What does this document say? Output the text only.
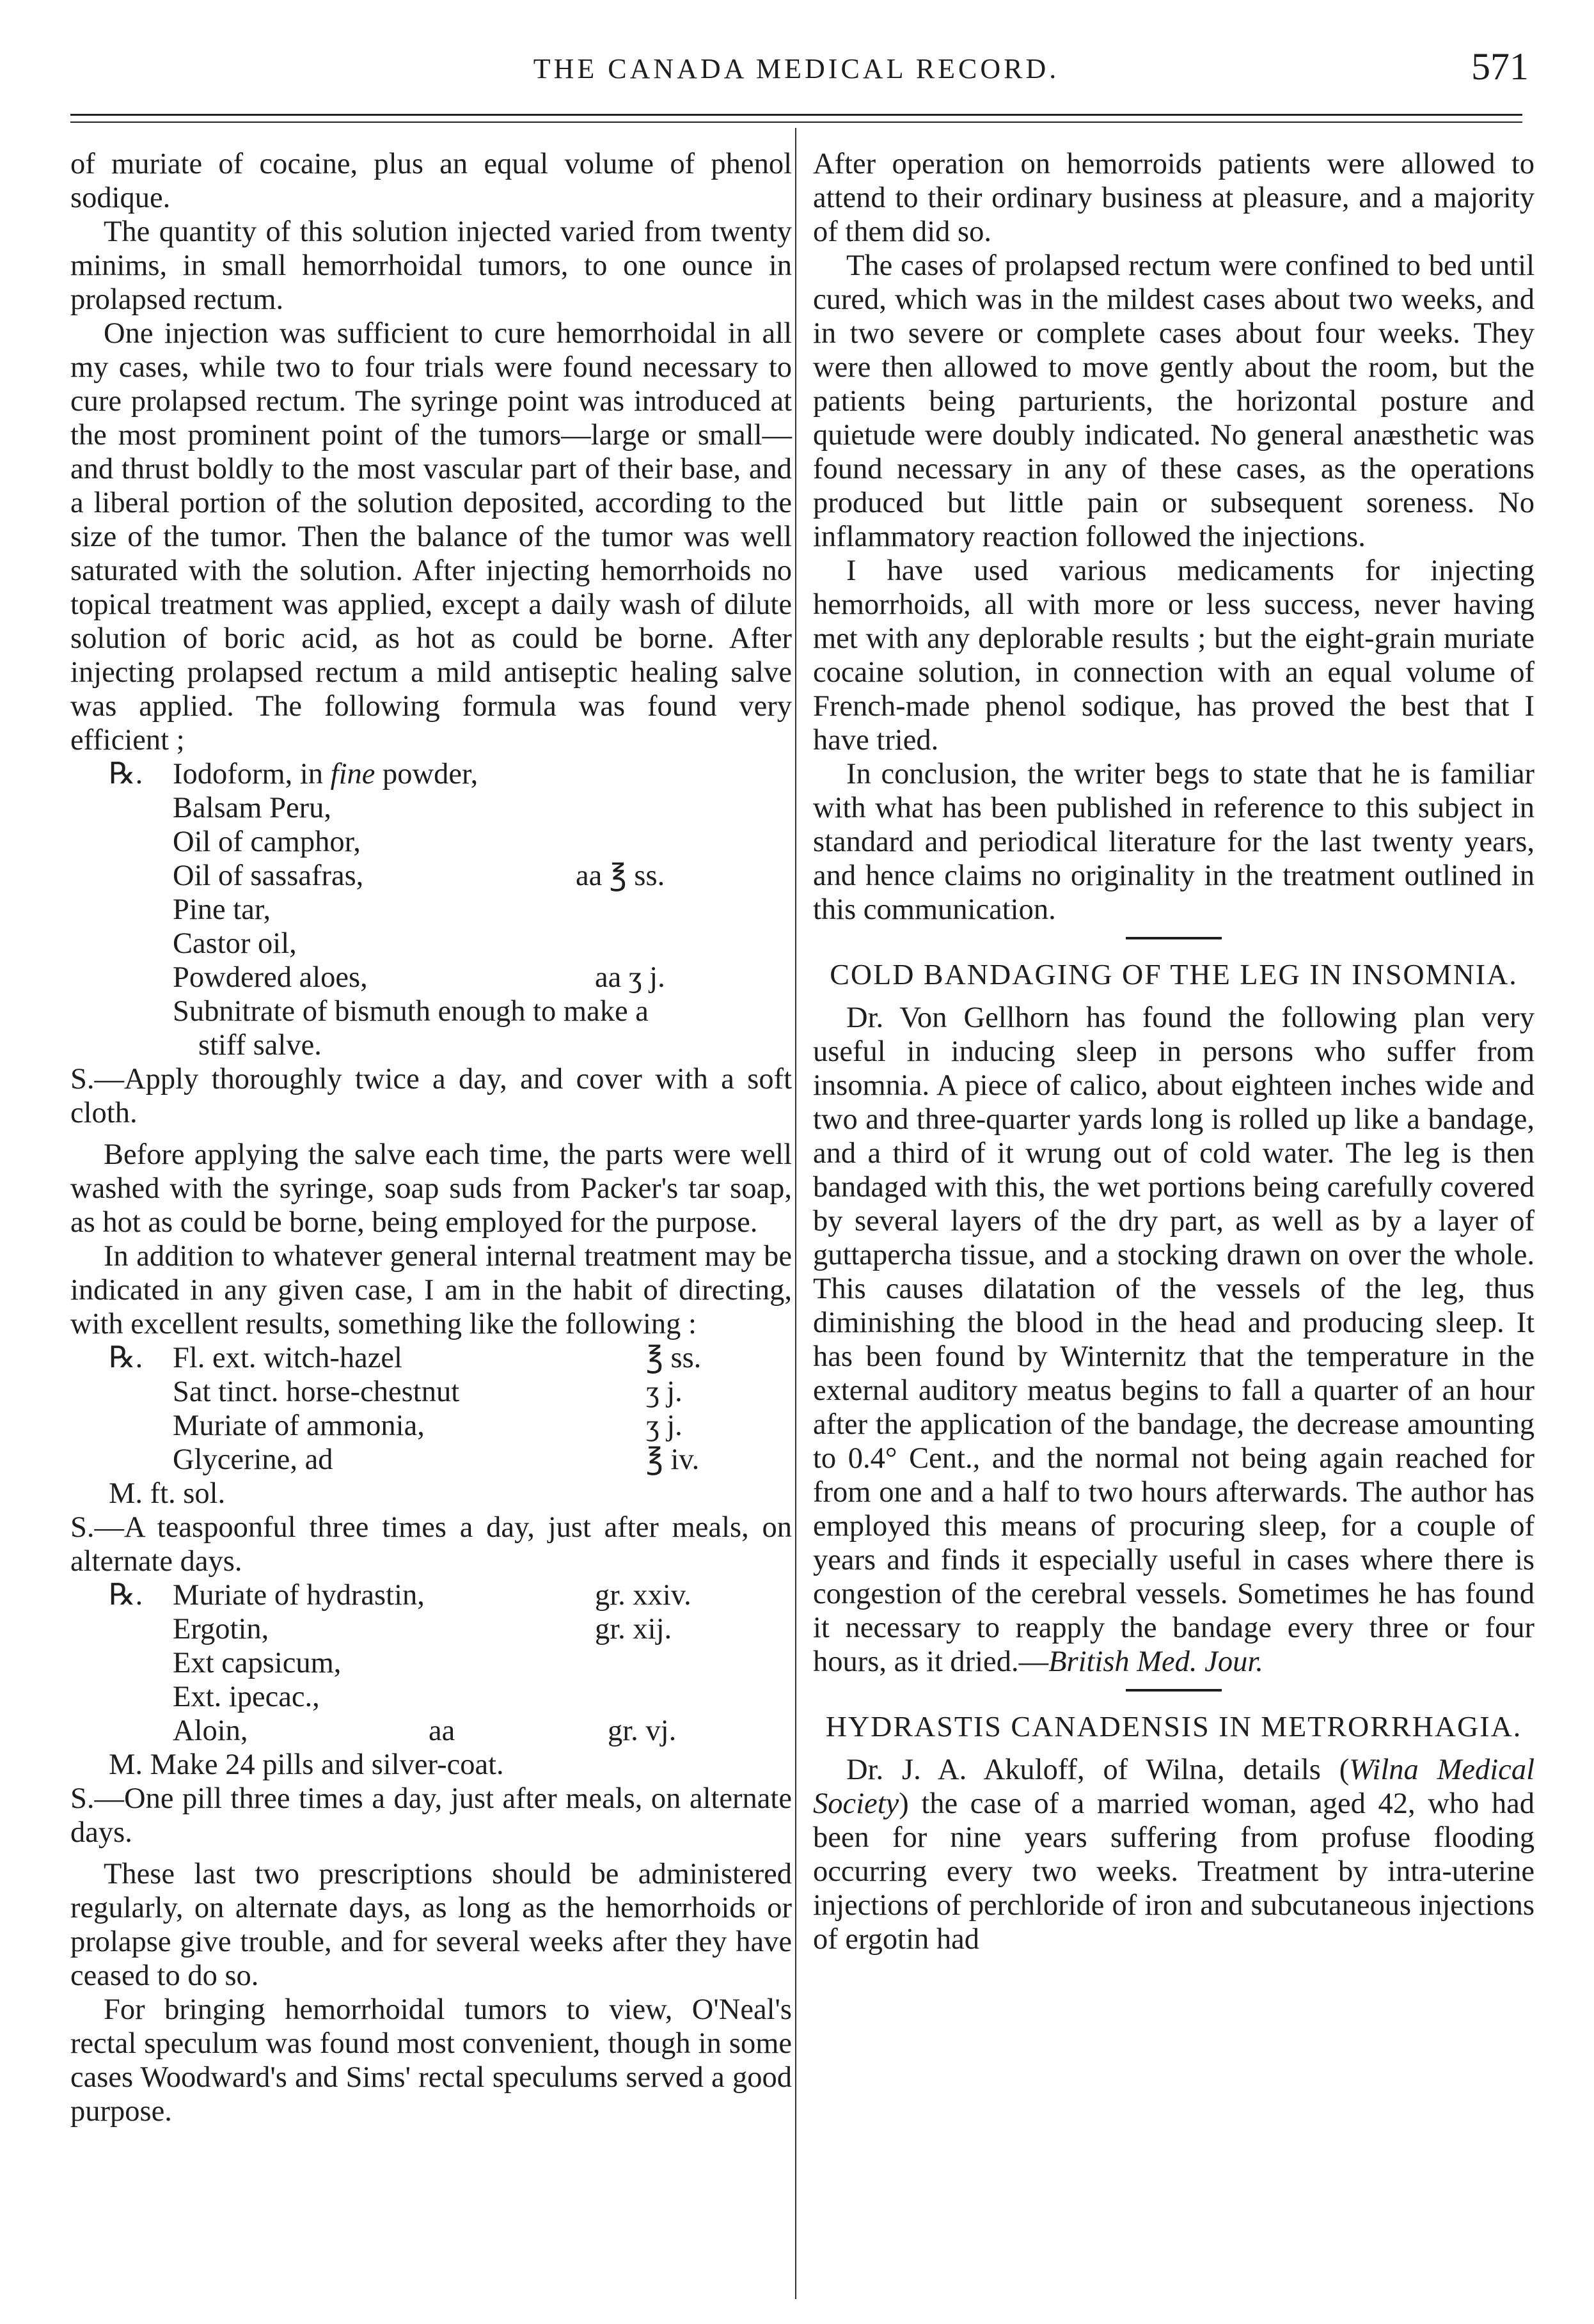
THE CANADA MEDICAL RECORD.	571

of muriate of cocaine, plus an equal volume of phenol sodique.

The quantity of this solution injected varied from twenty minims, in small hemorrhoidal tumors, to one ounce in prolapsed rectum.

One injection was sufficient to cure hemorrhoidal in all my cases, while two to four trials were found necessary to cure prolapsed rectum. The syringe point was introduced at the most prominent point of the tumors—large or small—and thrust boldly to the most vascular part of their base, and a liberal portion of the solution deposited, according to the size of the tumor. Then the balance of the tumor was well saturated with the solution. After injecting hemorrhoids no topical treatment was applied, except a daily wash of dilute solution of boric acid, as hot as could be borne. After injecting prolapsed rectum a mild antiseptic healing salve was applied. The following formula was found very efficient ;

℞. Iodoform, in fine powder,
Balsam Peru,
Oil of camphor,
Oil of sassafras,	aa ℥ ss.
Pine tar,
Castor oil,
Powdered aloes,	aa ʒ j.
Subnitrate of bismuth enough to make a
stiff salve.

S.—Apply thoroughly twice a day, and cover with a soft cloth.

Before applying the salve each time, the parts were well washed with the syringe, soap suds from Packer's tar soap, as hot as could be borne, being employed for the purpose.

In addition to whatever general internal treatment may be indicated in any given case, I am in the habit of directing, with excellent results, something like the following :

℞. Fl. ext. witch-hazel	℥ ss.
Sat tinct. horse-chestnut	ʒ j.
Muriate of ammonia,	ʒ j.
Glycerine, ad	℥ iv.
M. ft. sol.

S.—A teaspoonful three times a day, just after meals, on alternate days.

℞. Muriate of hydrastin,	gr. xxiv.
Ergotin,	gr. xij.
Ext capsicum,
Ext. ipecac.,
Aloin,	aa	gr. vj.
M. Make 24 pills and silver-coat.

S.—One pill three times a day, just after meals, on alternate days.

These last two prescriptions should be administered regularly, on alternate days, as long as the hemorrhoids or prolapse give trouble, and for several weeks after they have ceased to do so.

For bringing hemorrhoidal tumors to view, O'Neal's rectal speculum was found most convenient, though in some cases Woodward's and Sims' rectal speculums served a good purpose.

After operation on hemorroids patients were allowed to attend to their ordinary business at pleasure, and a majority of them did so.

The cases of prolapsed rectum were confined to bed until cured, which was in the mildest cases about two weeks, and in two severe or complete cases about four weeks. They were then allowed to move gently about the room, but the patients being parturients, the horizontal posture and quietude were doubly indicated. No general anæsthetic was found necessary in any of these cases, as the operations produced but little pain or subsequent soreness. No inflammatory reaction followed the injections.

I have used various medicaments for injecting hemorrhoids, all with more or less success, never having met with any deplorable results ; but the eight-grain muriate cocaine solution, in connection with an equal volume of French-made phenol sodique, has proved the best that I have tried.

In conclusion, the writer begs to state that he is familiar with what has been published in reference to this subject in standard and periodical literature for the last twenty years, and hence claims no originality in the treatment outlined in this communication.

COLD BANDAGING OF THE LEG IN INSOMNIA.

Dr. Von Gellhorn has found the following plan very useful in inducing sleep in persons who suffer from insomnia. A piece of calico, about eighteen inches wide and two and three-quarter yards long is rolled up like a bandage, and a third of it wrung out of cold water. The leg is then bandaged with this, the wet portions being carefully covered by several layers of the dry part, as well as by a layer of guttapercha tissue, and a stocking drawn on over the whole. This causes dilatation of the vessels of the leg, thus diminishing the blood in the head and producing sleep. It has been found by Winternitz that the temperature in the external auditory meatus begins to fall a quarter of an hour after the application of the bandage, the decrease amounting to 0.4° Cent., and the normal not being again reached for from one and a half to two hours afterwards. The author has employed this means of procuring sleep, for a couple of years and finds it especially useful in cases where there is congestion of the cerebral vessels. Sometimes he has found it necessary to reapply the bandage every three or four hours, as it dried.—British Med. Jour.

HYDRASTIS CANADENSIS IN METRORRHAGIA.

Dr. J. A. Akuloff, of Wilna, details (Wilna Medical Society) the case of a married woman, aged 42, who had been for nine years suffering from profuse flooding occurring every two weeks. Treatment by intra-uterine injections of perchloride of iron and subcutaneous injections of ergotin had
